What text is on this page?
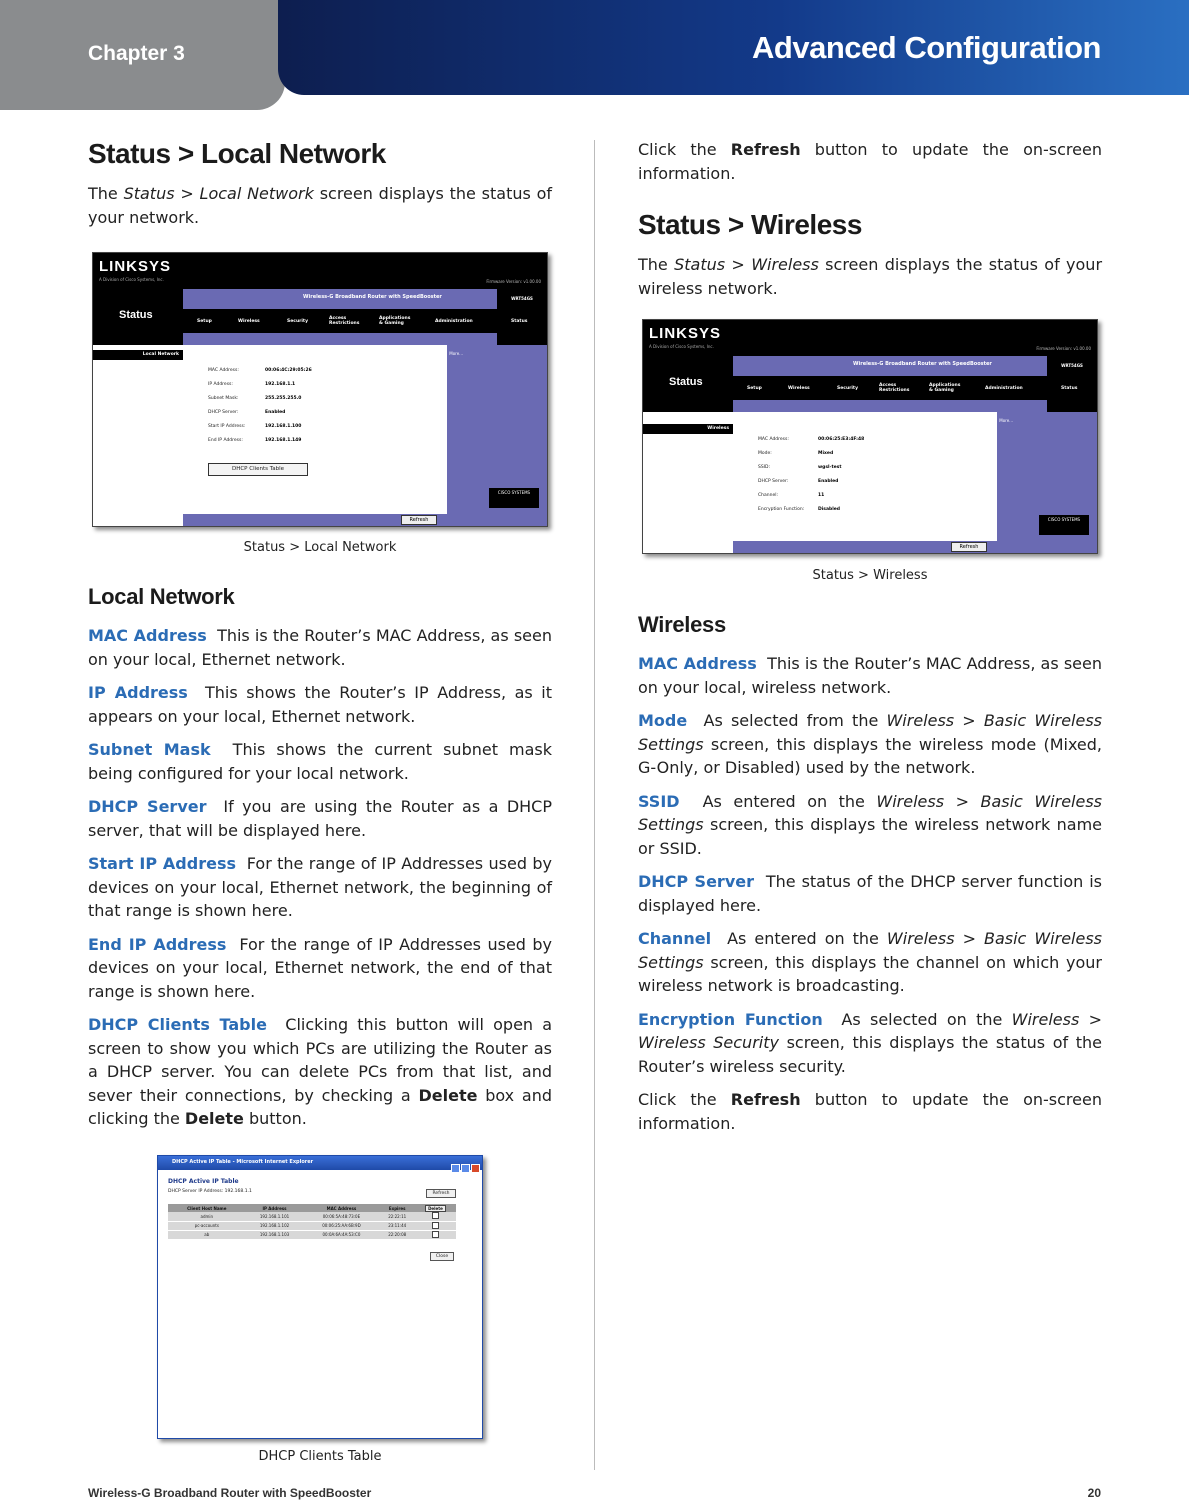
Chapter 3	Advanced Configuration
Status > Local Network

The Status > Local Network screen displays the status of your network.

LINKSYS
A Division of Cisco Systems, Inc.	Firmware Version: v1.00.00
Wireless-G Broadband Router with SpeedBooster	WRT54GS
Status
Setup	Wireless	Security
Access Restrictions
Applications & Gaming	Administration	Status
Local Network	More...
MAC Address:	00:06:4C:29:05:26
IP Address:	192.168.1.1
Subnet Mask:	255.255.255.0
DHCP Server:	Enabled
Start IP Address:	192.168.1.100
End IP Address:	192.168.1.149
DHCP Clients Table
CISCO SYSTEMS
Refresh
Status > Local Network
Local Network

MAC Address This is the Router’s MAC Address, as seen on your local, Ethernet network.

IP Address This shows the Router’s IP Address, as it appears on your local, Ethernet network.

Subnet Mask This shows the current subnet mask being configured for your local network.

DHCP Server If you are using the Router as a DHCP server, that will be displayed here.

Start IP Address For the range of IP Addresses used by devices on your local, Ethernet network, the beginning of that range is shown here.

End IP Address For the range of IP Addresses used by devices on your local, Ethernet network, the end of that range is shown here.

DHCP Clients Table Clicking this button will open a screen to show you which PCs are utilizing the Router as a DHCP server. You can delete PCs from that list, and sever their connections, by checking a Delete box and clicking the Delete button.

DHCP Active IP Table - Microsoft Internet Explorer
DHCP Active IP Table
DHCP Server IP Address: 192.168.1.1	Refresh
Client Host Name	IP Address	MAC Address	Expires	Delete
admin	192.168.1.101	00:06:5A:48:73:0E	22:22:11	
pc-accounts	192.168.1.102	00:06:25:AA:6B:9D	23:11:44	
ab	192.168.1.103	00:0A:6A:4A:53:C0	22:20:08	
Close
DHCP Clients Table

Click the Refresh button to update the on-screen information.

Status > Wireless

The Status > Wireless screen displays the status of your wireless network.

LINKSYS
A Division of Cisco Systems, Inc.	Firmware Version: v1.00.00
Wireless-G Broadband Router with SpeedBooster	WRT54GS
Status
Setup	Wireless	Security
Access Restrictions
Applications & Gaming	Administration	Status
Wireless
More...
MAC Address:	00:06:25:E3:4F:48
Mode:	Mixed
SSID:	wgsl-test
DHCP Server:	Enabled
Channel:	11
Encryption Function:	Disabled
CISCO SYSTEMS
Refresh
Status > Wireless
Wireless

MAC Address This is the Router’s MAC Address, as seen on your local, wireless network.

Mode As selected from the Wireless > Basic Wireless Settings screen, this displays the wireless mode (Mixed, G-Only, or Disabled) used by the network.

SSID As entered on the Wireless > Basic Wireless Settings screen, this displays the wireless network name or SSID.

DHCP Server The status of the DHCP server function is displayed here.

Channel As entered on the Wireless > Basic Wireless Settings screen, this displays the channel on which your wireless network is broadcasting.

Encryption Function As selected on the Wireless > Wireless Security screen, this displays the status of the Router’s wireless security.

Click the Refresh button to update the on-screen information.

Wireless-G Broadband Router with SpeedBooster	20
